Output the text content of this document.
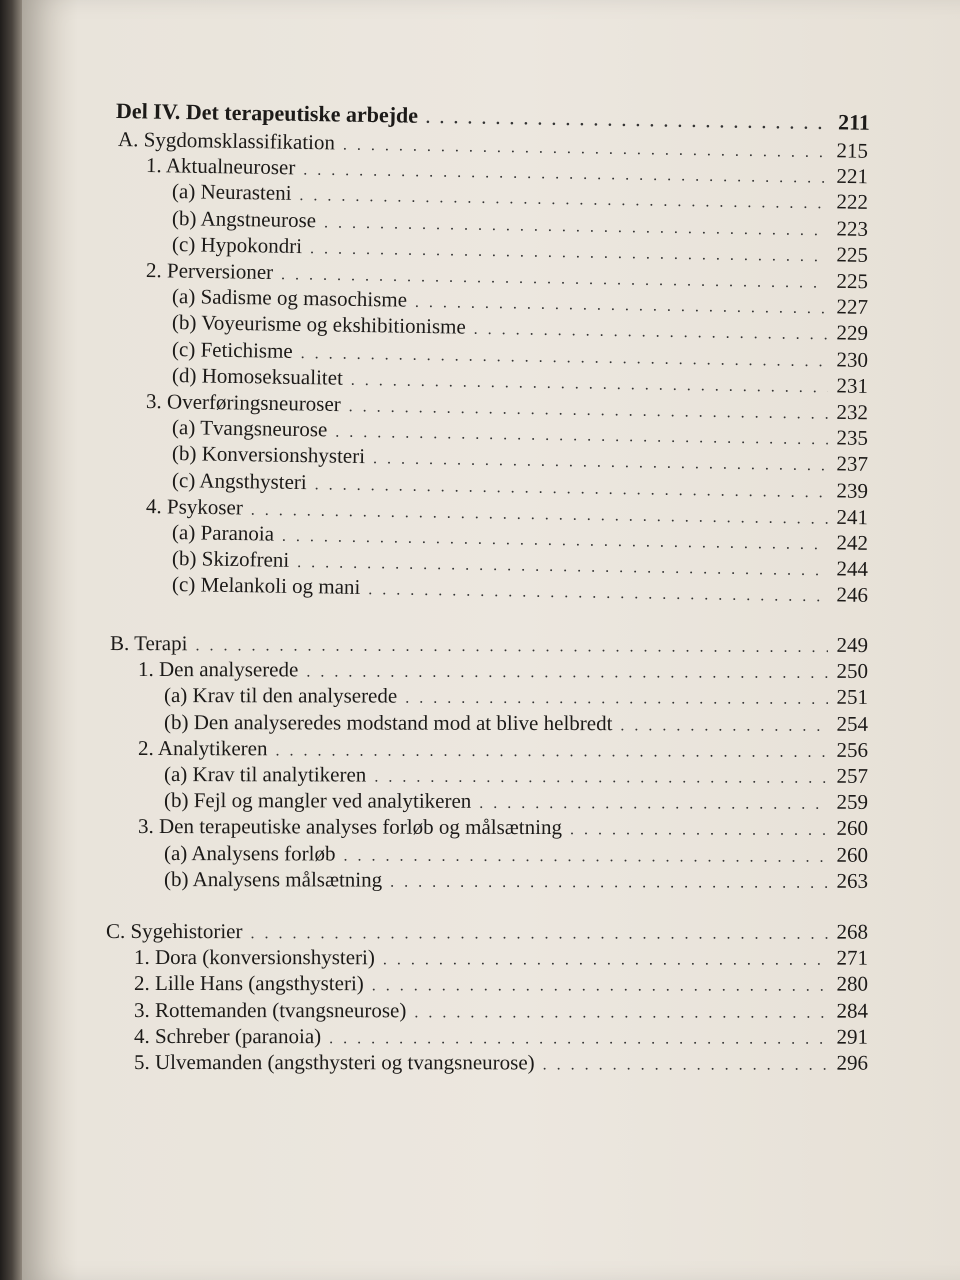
Del IV. Det terapeutiske arbejde . . .	211
A. Sygdomsklassifikation . . .	215
1. Aktualneuroser . . .	221
(a) Neurasteni . . .	222
(b) Angstneurose . . .	223
(c) Hypokondri . . .	225
2. Perversioner . . .	225
(a) Sadisme og masochisme . . .	227
(b) Voyeurisme og ekshibitionisme . . .	229
(c) Fetichisme . . .	230
(d) Homoseksualitet . . .	231
3. Overføringsneuroser . . .	232
(a) Tvangsneurose . . .	235
(b) Konversionshysteri . . .	237
(c) Angsthysteri . . .	239
4. Psykoser . . .	241
(a) Paranoia . . .	242
(b) Skizofreni . . .	244
(c) Melankoli og mani . . .	246
B. Terapi . . .	249
1. Den analyserede . . .	250
(a) Krav til den analyserede . . .	251
(b) Den analyseredes modstand mod at blive helbredt . . .	254
2. Analytikeren . . .	256
(a) Krav til analytikeren . . .	257
(b) Fejl og mangler ved analytikeren . . .	259
3. Den terapeutiske analyses forløb og målsætning . . .	260
(a) Analysens forløb . . .	260
(b) Analysens målsætning . . .	263
C. Sygehistorier . . .	268
1. Dora (konversionshysteri) . . .	271
2. Lille Hans (angsthysteri) . . .	280
3. Rottemanden (tvangsneurose) . . .	284
4. Schreber (paranoia) . . .	291
5. Ulvemanden (angsthysteri og tvangsneurose) . . .	296
